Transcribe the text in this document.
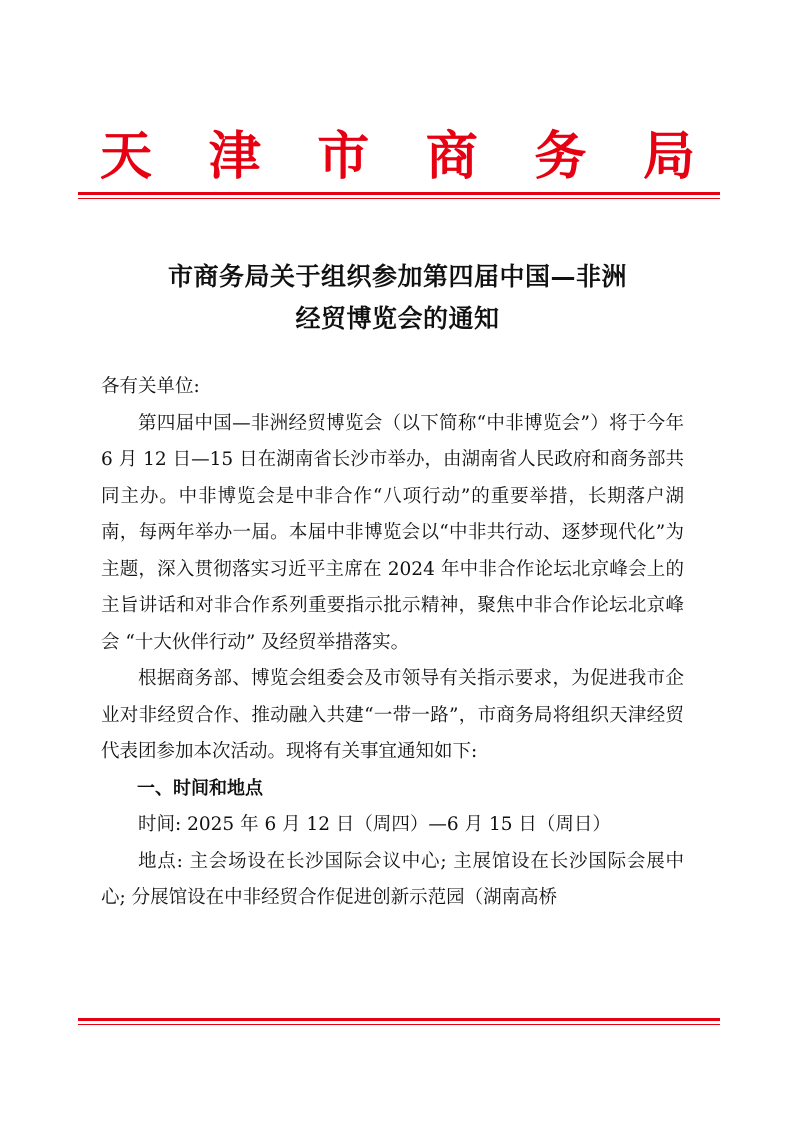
天 津 市 商 务 局
市商务局关于组织参加第四届中国—非洲
经贸博览会的通知

各有关单位:

第四届中国—非洲经贸博览会（以下简称“中非博览会”）将于今年 6 月 12 日—15 日在湖南省长沙市举办，由湖南省人民政府和商务部共同主办。中非博览会是中非合作“八项行动”的重要举措，长期落户湖南，每两年举办一届。本届中非博览会以“中非共行动、逐梦现代化”为主题，深入贯彻落实习近平主席在 2024 年中非合作论坛北京峰会上的主旨讲话和对非合作系列重要指示批示精神，聚焦中非合作论坛北京峰会 “十大伙伴行动” 及经贸举措落实。

根据商务部、博览会组委会及市领导有关指示要求，为促进我市企业对非经贸合作、推动融入共建“一带一路”，市商务局将组织天津经贸代表团参加本次活动。现将有关事宜通知如下:

一、时间和地点

时间: 2025 年 6 月 12 日（周四）—6 月 15 日（周日）

地点: 主会场设在长沙国际会议中心; 主展馆设在长沙国际会展中心; 分展馆设在中非经贸合作促进创新示范园（湖南高桥
